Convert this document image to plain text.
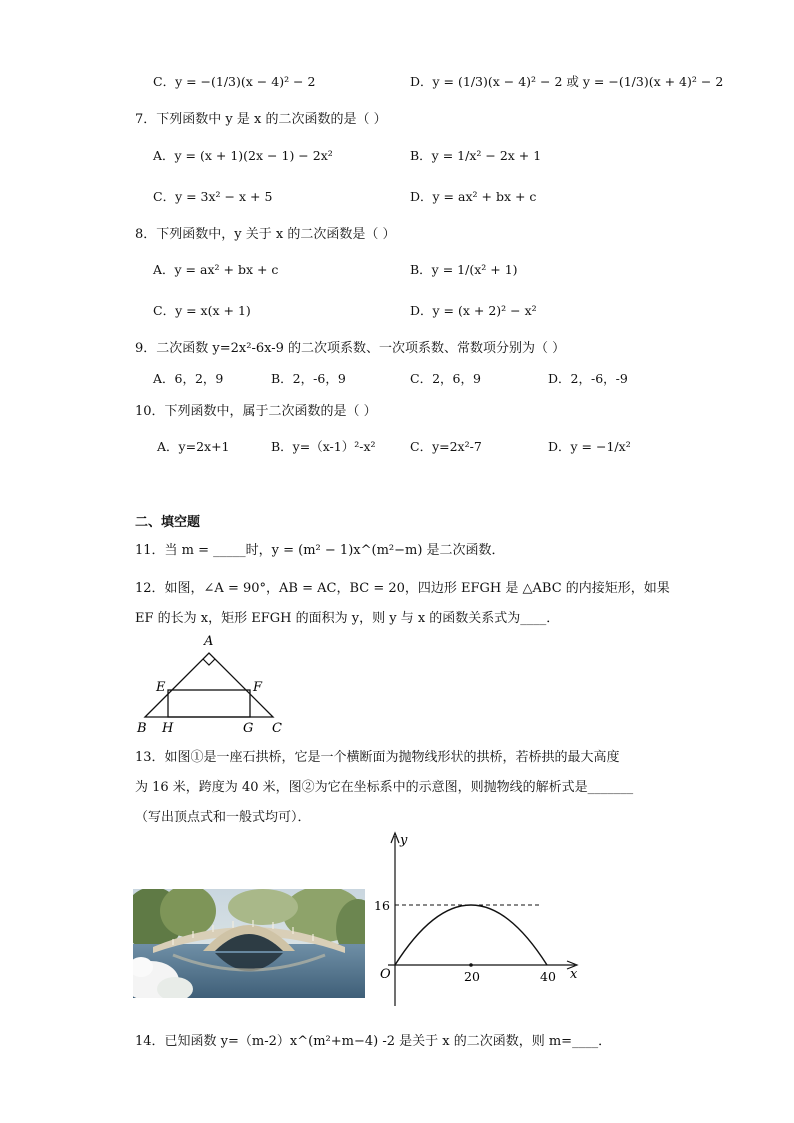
C．y = −(1/3)(x − 4)² − 2	D．y = (1/3)(x − 4)² − 2 或 y = −(1/3)(x + 4)² − 2
7．下列函数中 y 是 x 的二次函数的是（ ）
A．y = (x + 1)(2x − 1) − 2x²	B．y = 1/x² − 2x + 1
C．y = 3x² − x + 5	D．y = ax² + bx + c
8．下列函数中，y 关于 x 的二次函数是（ ）
A．y = ax² + bx + c	B．y = 1/(x² + 1)
C．y = x(x + 1)	D．y = (x + 2)² − x²
9．二次函数 y=2x²-6x-9 的二次项系数、一次项系数、常数项分别为（ ）
A．6，2，9	B．2，-6，9	C．2，6，9	D．2，-6，-9
10．下列函数中，属于二次函数的是（ ）
A．y=2x+1	B．y=（x-1）²-x²	C．y=2x²-7	D．y = −1/x²
二、填空题
11．当 m = _____时，y = (m² − 1)x^(m²−m) 是二次函数．
12．如图，∠A = 90°，AB = AC，BC = 20，四边形 EFGH 是 △ABC 的内接矩形，如果
EF 的长为 x，矩形 EFGH 的面积为 y，则 y 与 x 的函数关系式为____．
A
B	C
E	F
G
H
13．如图①是一座石拱桥，它是一个横断面为抛物线形状的拱桥，若桥拱的最大高度
为 16 米，跨度为 40 米，图②为它在坐标系中的示意图，则抛物线的解析式是_______
（写出顶点式和一般式均可）．
y
x
O
16
20	40
14．已知函数 y=（m-2）x^(m²+m−4) -2 是关于 x 的二次函数，则 m=____．
